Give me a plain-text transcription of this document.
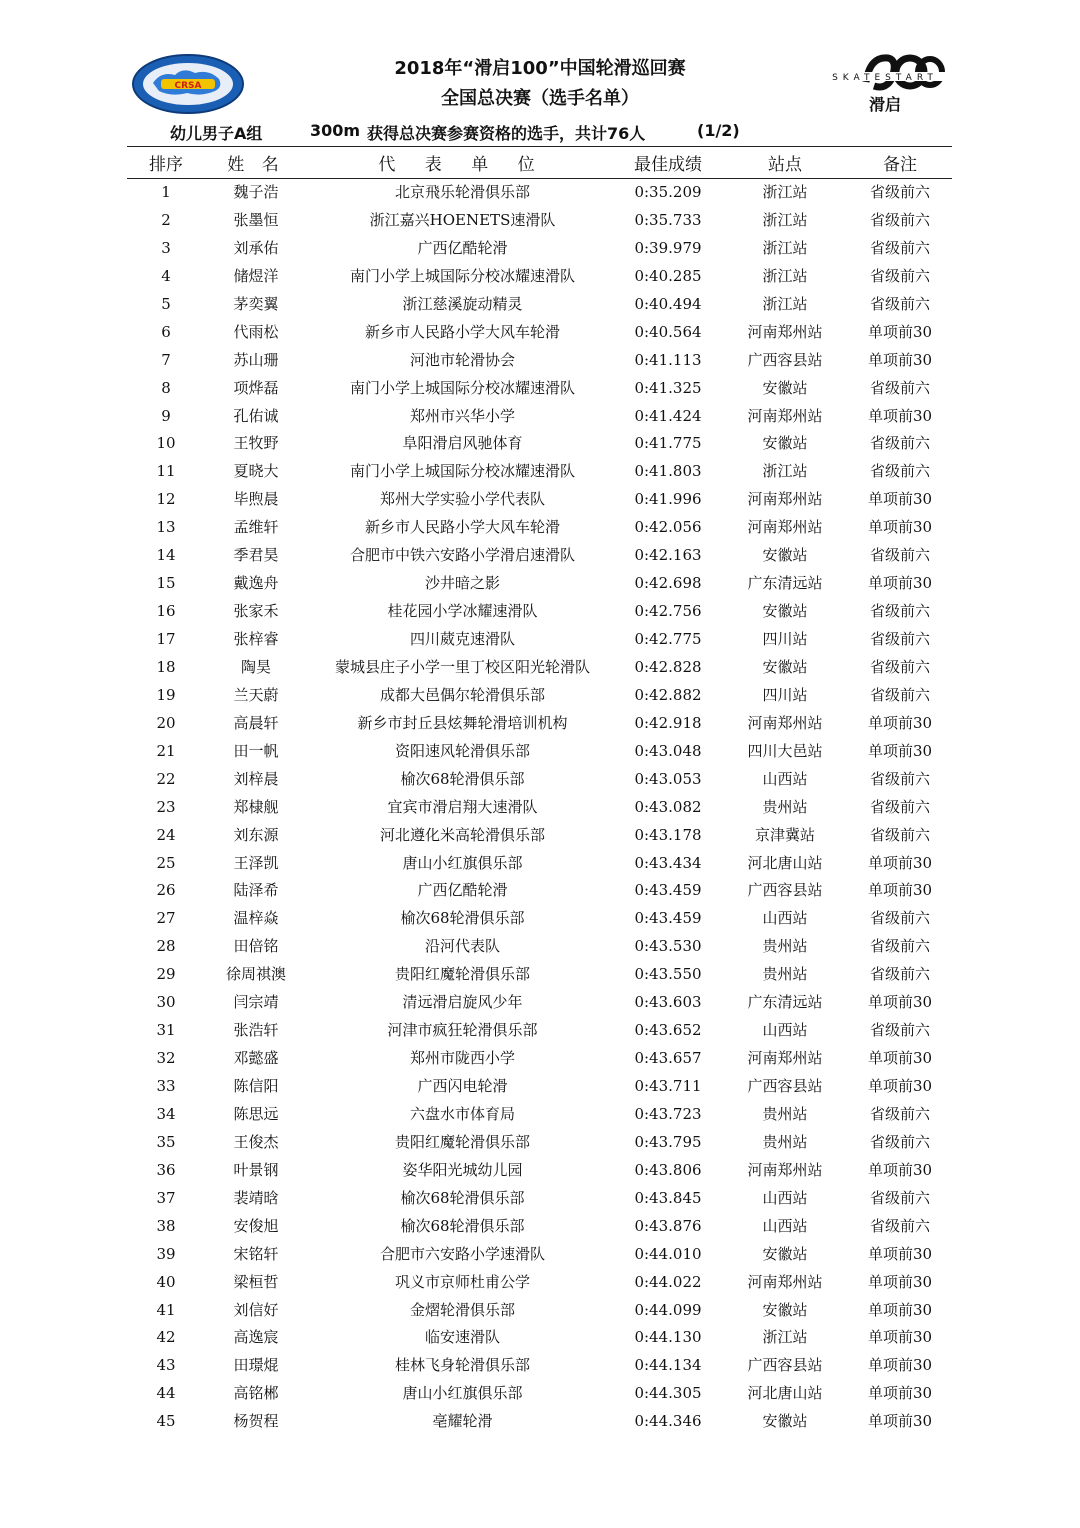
CRSA
SKATESTART
滑启
2018年“滑启100”中国轮滑巡回赛
全国总决赛（选手名单）
幼儿男子A组	300m 获得总决赛参赛资格的选手，共计76人	(1/2)
排序	姓 名	代 表 单 位	最佳成绩	站点	备注
1	魏子浩	北京飛乐轮滑俱乐部	0:35.209	浙江站	省级前六
2	张墨恒	浙江嘉兴HOENETS速滑队	0:35.733	浙江站	省级前六
3	刘承佑	广西亿酷轮滑	0:39.979	浙江站	省级前六
4	储煜洋	南门小学上城国际分校冰耀速滑队	0:40.285	浙江站	省级前六
5	茅奕翼	浙江慈溪旋动精灵	0:40.494	浙江站	省级前六
6	代雨松	新乡市人民路小学大风车轮滑	0:40.564	河南郑州站	单项前30
7	苏山珊	河池市轮滑协会	0:41.113	广西容县站	单项前30
8	项烨磊	南门小学上城国际分校冰耀速滑队	0:41.325	安徽站	省级前六
9	孔佑诚	郑州市兴华小学	0:41.424	河南郑州站	单项前30
10	王牧野	阜阳滑启风驰体育	0:41.775	安徽站	省级前六
11	夏晓大	南门小学上城国际分校冰耀速滑队	0:41.803	浙江站	省级前六
12	毕煦晨	郑州大学实验小学代表队	0:41.996	河南郑州站	单项前30
13	孟维轩	新乡市人民路小学大风车轮滑	0:42.056	河南郑州站	单项前30
14	季君昊	合肥市中铁六安路小学滑启速滑队	0:42.163	安徽站	省级前六
15	戴逸舟	沙井暗之影	0:42.698	广东清远站	单项前30
16	张家禾	桂花园小学冰耀速滑队	0:42.756	安徽站	省级前六
17	张梓睿	四川葳克速滑队	0:42.775	四川站	省级前六
18	陶昊	蒙城县庄子小学一里丁校区阳光轮滑队	0:42.828	安徽站	省级前六
19	兰天蔚	成都大邑偶尔轮滑俱乐部	0:42.882	四川站	省级前六
20	高晨轩	新乡市封丘县炫舞轮滑培训机构	0:42.918	河南郑州站	单项前30
21	田一帆	资阳速风轮滑俱乐部	0:43.048	四川大邑站	单项前30
22	刘梓晨	榆次68轮滑俱乐部	0:43.053	山西站	省级前六
23	郑棣舰	宜宾市滑启翔大速滑队	0:43.082	贵州站	省级前六
24	刘东源	河北遵化米高轮滑俱乐部	0:43.178	京津冀站	省级前六
25	王泽凯	唐山小红旗俱乐部	0:43.434	河北唐山站	单项前30
26	陆泽希	广西亿酷轮滑	0:43.459	广西容县站	单项前30
27	温梓焱	榆次68轮滑俱乐部	0:43.459	山西站	省级前六
28	田倍铭	沿河代表队	0:43.530	贵州站	省级前六
29	徐周祺澳	贵阳红魔轮滑俱乐部	0:43.550	贵州站	省级前六
30	闫宗靖	清远滑启旋风少年	0:43.603	广东清远站	单项前30
31	张浩轩	河津市疯狂轮滑俱乐部	0:43.652	山西站	省级前六
32	邓懿盛	郑州市陇西小学	0:43.657	河南郑州站	单项前30
33	陈信阳	广西闪电轮滑	0:43.711	广西容县站	单项前30
34	陈思远	六盘水市体育局	0:43.723	贵州站	省级前六
35	王俊杰	贵阳红魔轮滑俱乐部	0:43.795	贵州站	省级前六
36	叶景钢	姿华阳光城幼儿园	0:43.806	河南郑州站	单项前30
37	裴靖晗	榆次68轮滑俱乐部	0:43.845	山西站	省级前六
38	安俊旭	榆次68轮滑俱乐部	0:43.876	山西站	省级前六
39	宋铭轩	合肥市六安路小学速滑队	0:44.010	安徽站	单项前30
40	梁桓哲	巩义市京师杜甫公学	0:44.022	河南郑州站	单项前30
41	刘信好	金熠轮滑俱乐部	0:44.099	安徽站	单项前30
42	高逸宸	临安速滑队	0:44.130	浙江站	单项前30
43	田璟焜	桂林飞身轮滑俱乐部	0:44.134	广西容县站	单项前30
44	高铭郴	唐山小红旗俱乐部	0:44.305	河北唐山站	单项前30
45	杨贺程	亳耀轮滑	0:44.346	安徽站	单项前30
